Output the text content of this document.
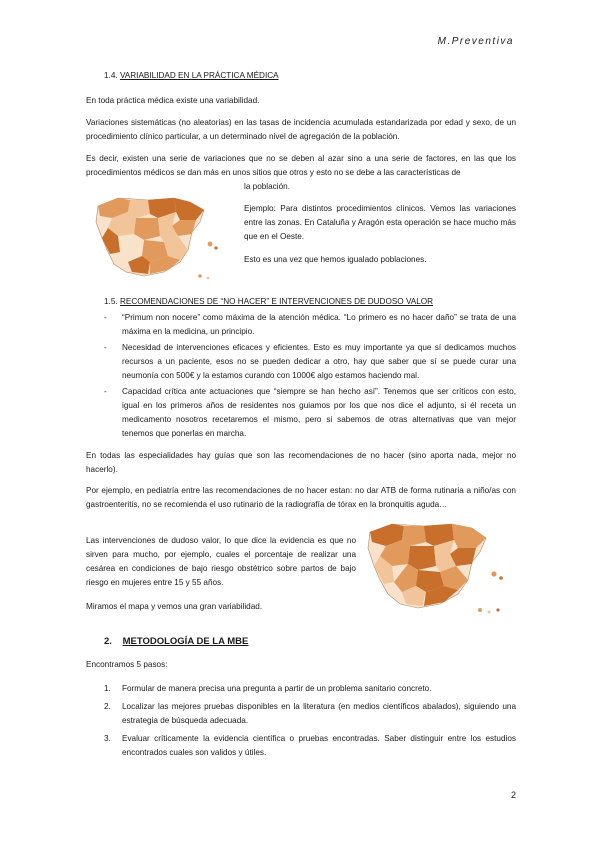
M.Preventiva
1.4. VARIABILIDAD EN LA PRÁCTICA MÉDICA

En toda práctica médica existe una variabilidad.

Variaciones sistemáticas (no aleatorias) en las tasas de incidencia acumulada estandarizada por edad y sexo, de un procedimiento clínico particular, a un determinado nivel de agregación de la población.

Es decir, existen una serie de variaciones que no se deben al azar sino a una serie de factores, en las que los procedimientos médicos se dan más en unos sitios que otros y esto no se debe a las características de

la población.

Ejemplo: Para distintos procedimientos clínicos. Vemos las variaciones entre las zonas. En Cataluña y Aragón esta operación se hace mucho más que en el Oeste.

Esto es una vez que hemos igualado poblaciones.

1.5. RECOMENDACIONES DE “NO HACER” E INTERVENCIONES DE DUDOSO VALOR
- “Primum non nocere” como máxima de la atención médica. “Lo primero es no hacer daño” se trata de una máxima en la medicina, un principio.
- Necesidad de intervenciones eficaces y eficientes. Esto es muy importante ya que sí dedicamos muchos recursos a un paciente, esos no se pueden dedicar a otro, hay que saber que sí se puede curar una neumonía con 500€ y la estamos curando con 1000€ algo estamos haciendo mal.
- Capacidad crítica ante actuaciones que “siempre se han hecho así”. Tenemos que ser críticos con esto, igual en los primeros años de residentes nos guiamos por los que nos dice el adjunto, si él receta un medicamento nosotros recetaremos el mismo, pero si sabemos de otras alternativas que van mejor tenemos que ponerlas en marcha.

En todas las especialidades hay guías que son las recomendaciones de no hacer (sino aporta nada, mejor no hacerlo).

Por ejemplo, en pediatría entre las recomendaciones de no hacer estan: no dar ATB de forma rutinaria a niño/as con gastroenteritis, no se recomienda el uso rutinario de la radiografía de tórax en la bronquitis aguda…

Las intervenciones de dudoso valor, lo que dice la evidencia es que no sirven para mucho, por ejemplo, cuales el porcentaje de realizar una cesárea en condiciones de bajo riesgo obstétrico sobre partos de bajo riesgo en mujeres entre 15 y 55 años.

Miramos el mapa y vemos una gran variabilidad.

2. METODOLOGÍA DE LA MBE

Encontramos 5 pasos:

1. Formular de manera precisa una pregunta a partir de un problema sanitario concreto.
2. Localizar las mejores pruebas disponibles en la literatura (en medios científicos abalados), siguiendo una estrategia de búsqueda adecuada.
3. Evaluar críticamente la evidencia científica o pruebas encontradas. Saber distinguir entre los estudios encontrados cuales son validos y útiles.
2
